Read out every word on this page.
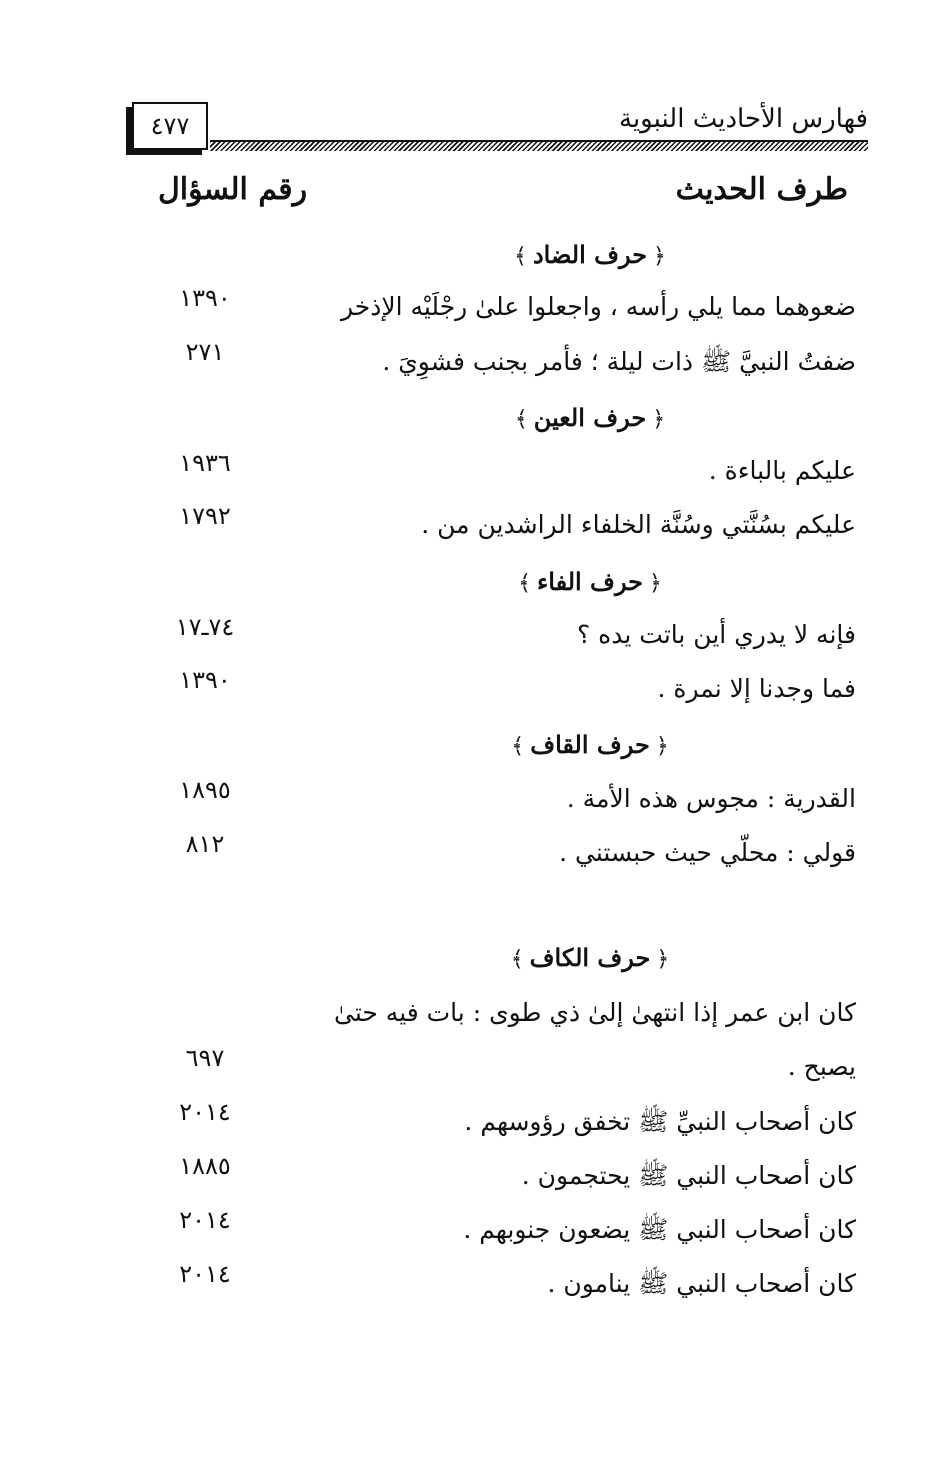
فهارس الأحاديث النبوية
٤٧٧
طرف الحديث
رقم السؤال
﴿حرف الضاد﴾
ضعوهما مما يلي رأسه ، واجعلوا علىٰ رجْلَيْه الإذخر
١٣٩٠
ضفتُ النبيَّ ﷺ ذات ليلة ؛ فأمر بجنب فشوِيَ .
٢٧١
﴿حرف العين﴾
عليكم بالباءة .
١٩٣٦
عليكم بسُنَّتي وسُنَّة الخلفاء الراشدين من .
١٧٩٢
﴿حرف الفاء﴾
فإنه لا يدري أين باتت يده ؟
٧٤ـ١٧
فما وجدنا إلا نمرة .
١٣٩٠
﴿حرف القاف﴾
القدرية : مجوس هذه الأمة .
١٨٩٥
قولي : محلّي حيث حبستني .
٨١٢
﴿حرف الكاف﴾
كان ابن عمر إذا انتهىٰ إلىٰ ذي طوى : بات فيه حتىٰ
يصبح .
٦٩٧
كان أصحاب النبيِّ ﷺ تخفق رؤوسهم .
٢٠١٤
كان أصحاب النبي ﷺ يحتجمون .
١٨٨٥
كان أصحاب النبي ﷺ يضعون جنوبهم .
٢٠١٤
كان أصحاب النبي ﷺ ينامون .
٢٠١٤
